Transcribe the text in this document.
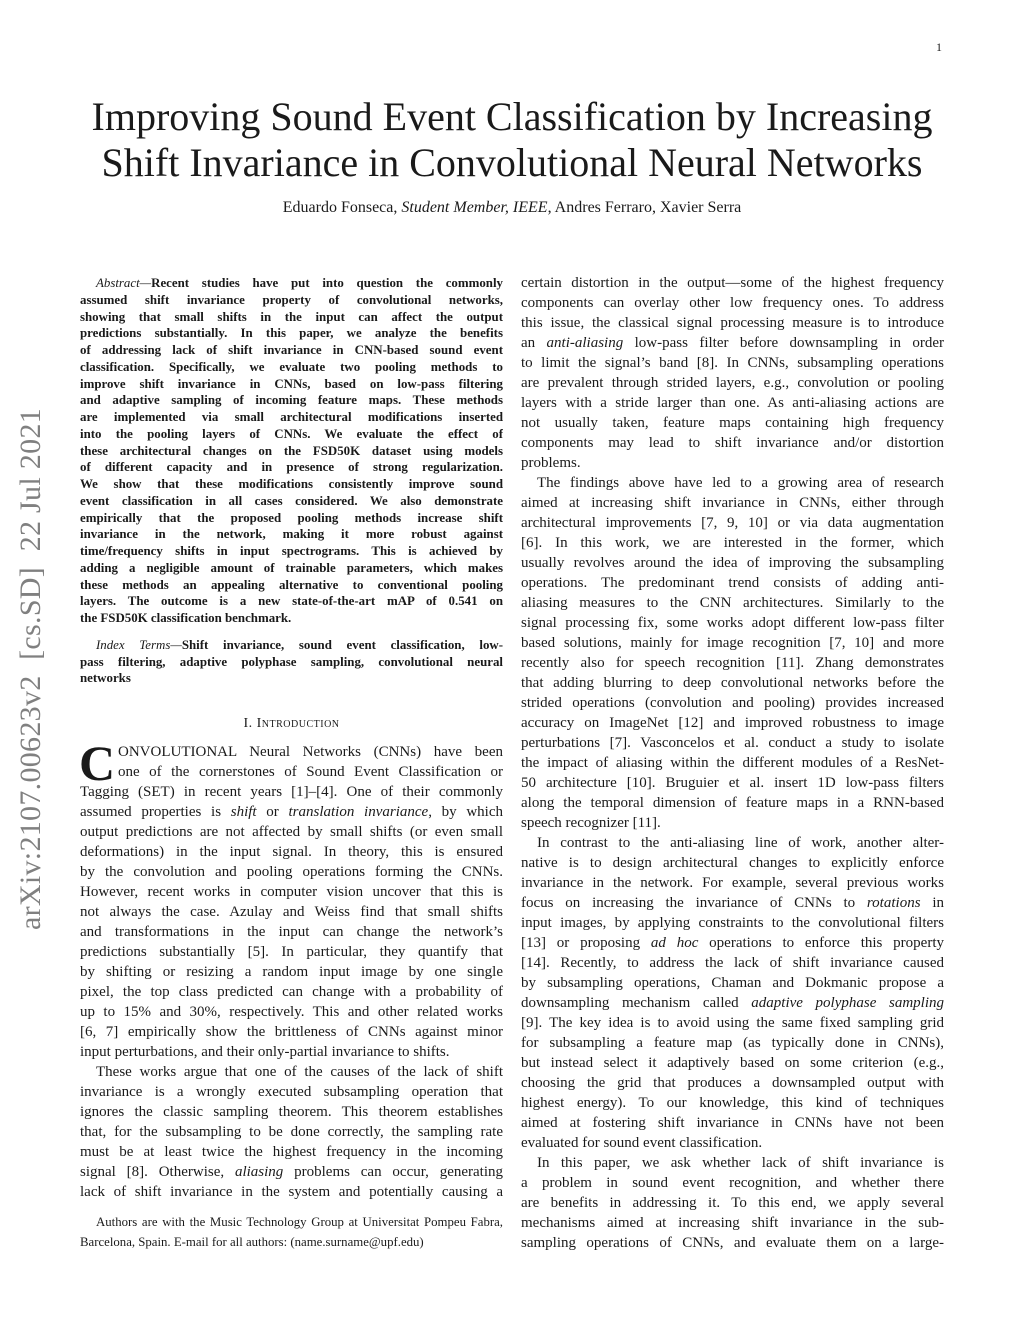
1
Improving Sound Event Classification by Increasing
Shift Invariance in Convolutional Neural Networks
Eduardo Fonseca, Student Member, IEEE, Andres Ferraro, Xavier Serra
arXiv:2107.00623v2  [cs.SD]  22 Jul 2021
Abstract—Recent studies have put into question the commonly
assumed shift invariance property of convolutional networks,
showing that small shifts in the input can affect the output
predictions substantially. In this paper, we analyze the benefits
of addressing lack of shift invariance in CNN-based sound event
classification. Specifically, we evaluate two pooling methods to
improve shift invariance in CNNs, based on low-pass filtering
and adaptive sampling of incoming feature maps. These methods
are implemented via small architectural modifications inserted
into the pooling layers of CNNs. We evaluate the effect of
these architectural changes on the FSD50K dataset using models
of different capacity and in presence of strong regularization.
We show that these modifications consistently improve sound
event classification in all cases considered. We also demonstrate
empirically that the proposed pooling methods increase shift
invariance in the network, making it more robust against
time/frequency shifts in input spectrograms. This is achieved by
adding a negligible amount of trainable parameters, which makes
these methods an appealing alternative to conventional pooling
layers. The outcome is a new state-of-the-art mAP of 0.541 on
the FSD50K classification benchmark.
Index Terms—Shift invariance, sound event classification, low-
pass filtering, adaptive polyphase sampling, convolutional neural
networks
I. Introduction
C ONVOLUTIONAL Neural Networks (CNNs) have been
one of the cornerstones of Sound Event Classification or
Tagging (SET) in recent years [1]–[4]. One of their commonly
assumed properties is shift or translation invariance, by which
output predictions are not affected by small shifts (or even small
deformations) in the input signal. In theory, this is ensured
by the convolution and pooling operations forming the CNNs.
However, recent works in computer vision uncover that this is
not always the case. Azulay and Weiss find that small shifts
and transformations in the input can change the network’s
predictions substantially [5]. In particular, they quantify that
by shifting or resizing a random input image by one single
pixel, the top class predicted can change with a probability of
up to 15% and 30%, respectively. This and other related works
[6, 7] empirically show the brittleness of CNNs against minor
input perturbations, and their only-partial invariance to shifts.
These works argue that one of the causes of the lack of shift
invariance is a wrongly executed subsampling operation that
ignores the classic sampling theorem. This theorem establishes
that, for the subsampling to be done correctly, the sampling rate
must be at least twice the highest frequency in the incoming
signal [8]. Otherwise, aliasing problems can occur, generating
lack of shift invariance in the system and potentially causing a
Authors are with the Music Technology Group at Universitat Pompeu Fabra,
Barcelona, Spain. E-mail for all authors: (name.surname@upf.edu)
certain distortion in the output—some of the highest frequency
components can overlay other low frequency ones. To address
this issue, the classical signal processing measure is to introduce
an anti-aliasing low-pass filter before downsampling in order
to limit the signal’s band [8]. In CNNs, subsampling operations
are prevalent through strided layers, e.g., convolution or pooling
layers with a stride larger than one. As anti-aliasing actions are
not usually taken, feature maps containing high frequency
components may lead to shift invariance and/or distortion
problems.
The findings above have led to a growing area of research
aimed at increasing shift invariance in CNNs, either through
architectural improvements [7, 9, 10] or via data augmentation
[6]. In this work, we are interested in the former, which
usually revolves around the idea of improving the subsampling
operations. The predominant trend consists of adding anti-
aliasing measures to the CNN architectures. Similarly to the
signal processing fix, some works adopt different low-pass filter
based solutions, mainly for image recognition [7, 10] and more
recently also for speech recognition [11]. Zhang demonstrates
that adding blurring to deep convolutional networks before the
strided operations (convolution and pooling) provides increased
accuracy on ImageNet [12] and improved robustness to image
perturbations [7]. Vasconcelos et al. conduct a study to isolate
the impact of aliasing within the different modules of a ResNet-
50 architecture [10]. Bruguier et al. insert 1D low-pass filters
along the temporal dimension of feature maps in a RNN-based
speech recognizer [11].
In contrast to the anti-aliasing line of work, another alter-
native is to design architectural changes to explicitly enforce
invariance in the network. For example, several previous works
focus on increasing the invariance of CNNs to rotations in
input images, by applying constraints to the convolutional filters
[13] or proposing ad hoc operations to enforce this property
[14]. Recently, to address the lack of shift invariance caused
by subsampling operations, Chaman and Dokmanic propose a
downsampling mechanism called adaptive polyphase sampling
[9]. The key idea is to avoid using the same fixed sampling grid
for subsampling a feature map (as typically done in CNNs),
but instead select it adaptively based on some criterion (e.g.,
choosing the grid that produces a downsampled output with
highest energy). To our knowledge, this kind of techniques
aimed at fostering shift invariance in CNNs have not been
evaluated for sound event classification.
In this paper, we ask whether lack of shift invariance is
a problem in sound event recognition, and whether there
are benefits in addressing it. To this end, we apply several
mechanisms aimed at increasing shift invariance in the sub-
sampling operations of CNNs, and evaluate them on a large-
